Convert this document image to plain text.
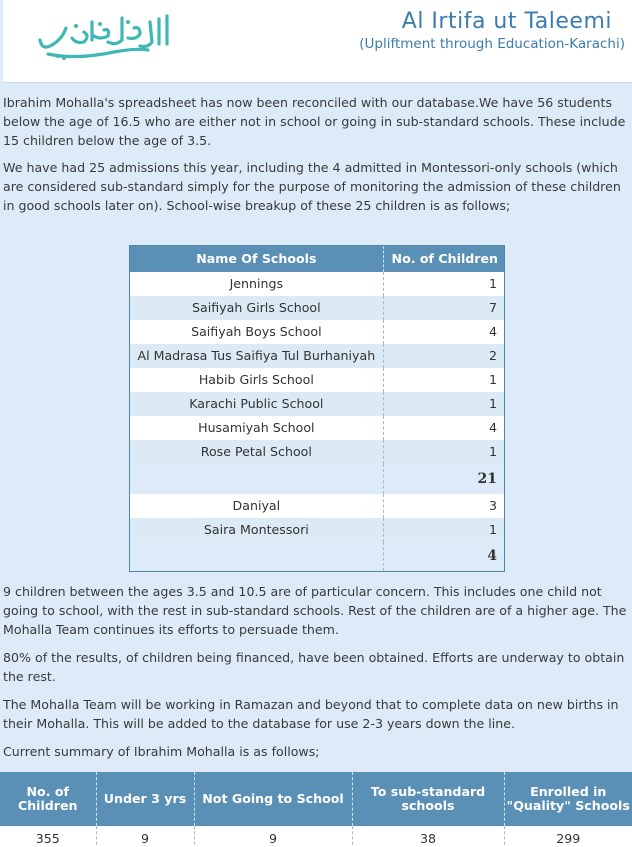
Al Irtifa ut Taleemi
(Upliftment through Education-Karachi)

Ibrahim Mohalla's spreadsheet has now been reconciled with our database.We have 56 students below the age of 16.5 who are either not in school or going in sub-standard schools. These include 15 children below the age of 3.5.

We have had 25 admissions this year, including the 4 admitted in Montessori-only schools (which are considered sub-standard simply for the purpose of monitoring the admission of these children in good schools later on). School-wise breakup of these 25 children is as follows;

Name Of Schools	No. of Children
Jennings	1
Saifiyah Girls School	7
Saifiyah Boys School	4
Al Madrasa Tus Saifiya Tul Burhaniyah	2
Habib Girls School	1
Karachi Public School	1
Husamiyah School	4
Rose Petal School	1
	21
Daniyal	3
Saira Montessori	1
	4

9 children between the ages 3.5 and 10.5 are of particular concern. This includes one child not going to school, with the rest in sub-standard schools. Rest of the children are of a higher age. The Mohalla Team continues its efforts to persuade them.

80% of the results, of children being financed, have been obtained. Efforts are underway to obtain the rest.

The Mohalla Team will be working in Ramazan and beyond that to complete data on new births in their Mohalla. This will be added to the database for use 2-3 years down the line.

Current summary of Ibrahim Mohalla is as follows;

No. of Children	Under 3 yrs	Not Going to School	To sub-standard schools	Enrolled in "Quality" Schools
355	9	9	38	299
